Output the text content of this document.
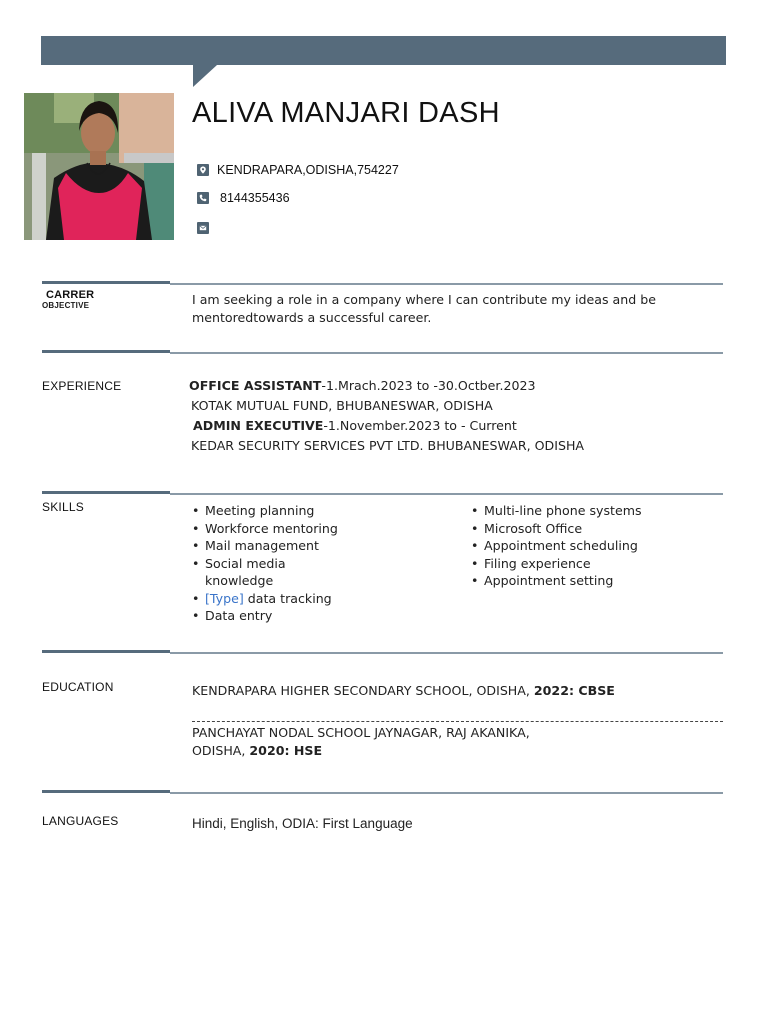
ALIVA MANJARI DASH
KENDRAPARA,ODISHA,754227
8144355436
CARRER
OBJECTIVE	I am seeking a role in a company where I can contribute my ideas and be
mentoredtowards a successful career.
EXPERIENCE	OFFICE ASSISTANT-1.Mrach.2023 to -30.Octber.2023
KOTAK MUTUAL FUND, BHUBANESWAR, ODISHA
ADMIN EXECUTIVE-1.November.2023 to - Current
KEDAR SECURITY SERVICES PVT LTD. BHUBANESWAR, ODISHA
SKILLS
•	Meeting planning
• Workforce mentoring
• Mail management
• Social media
knowledge
• [Type] data tracking
• Data entry
• Multi-line phone systems
• Microsoft Office
• Appointment scheduling
• Filing experience
• Appointment setting
EDUCATION	KENDRAPARA HIGHER SECONDARY SCHOOL, ODISHA, 2022: CBSE
PANCHAYAT NODAL SCHOOL JAYNAGAR, RAJ AKANIKA,
ODISHA, 2020: HSE
LANGUAGES	Hindi, English, ODIA: First Language
